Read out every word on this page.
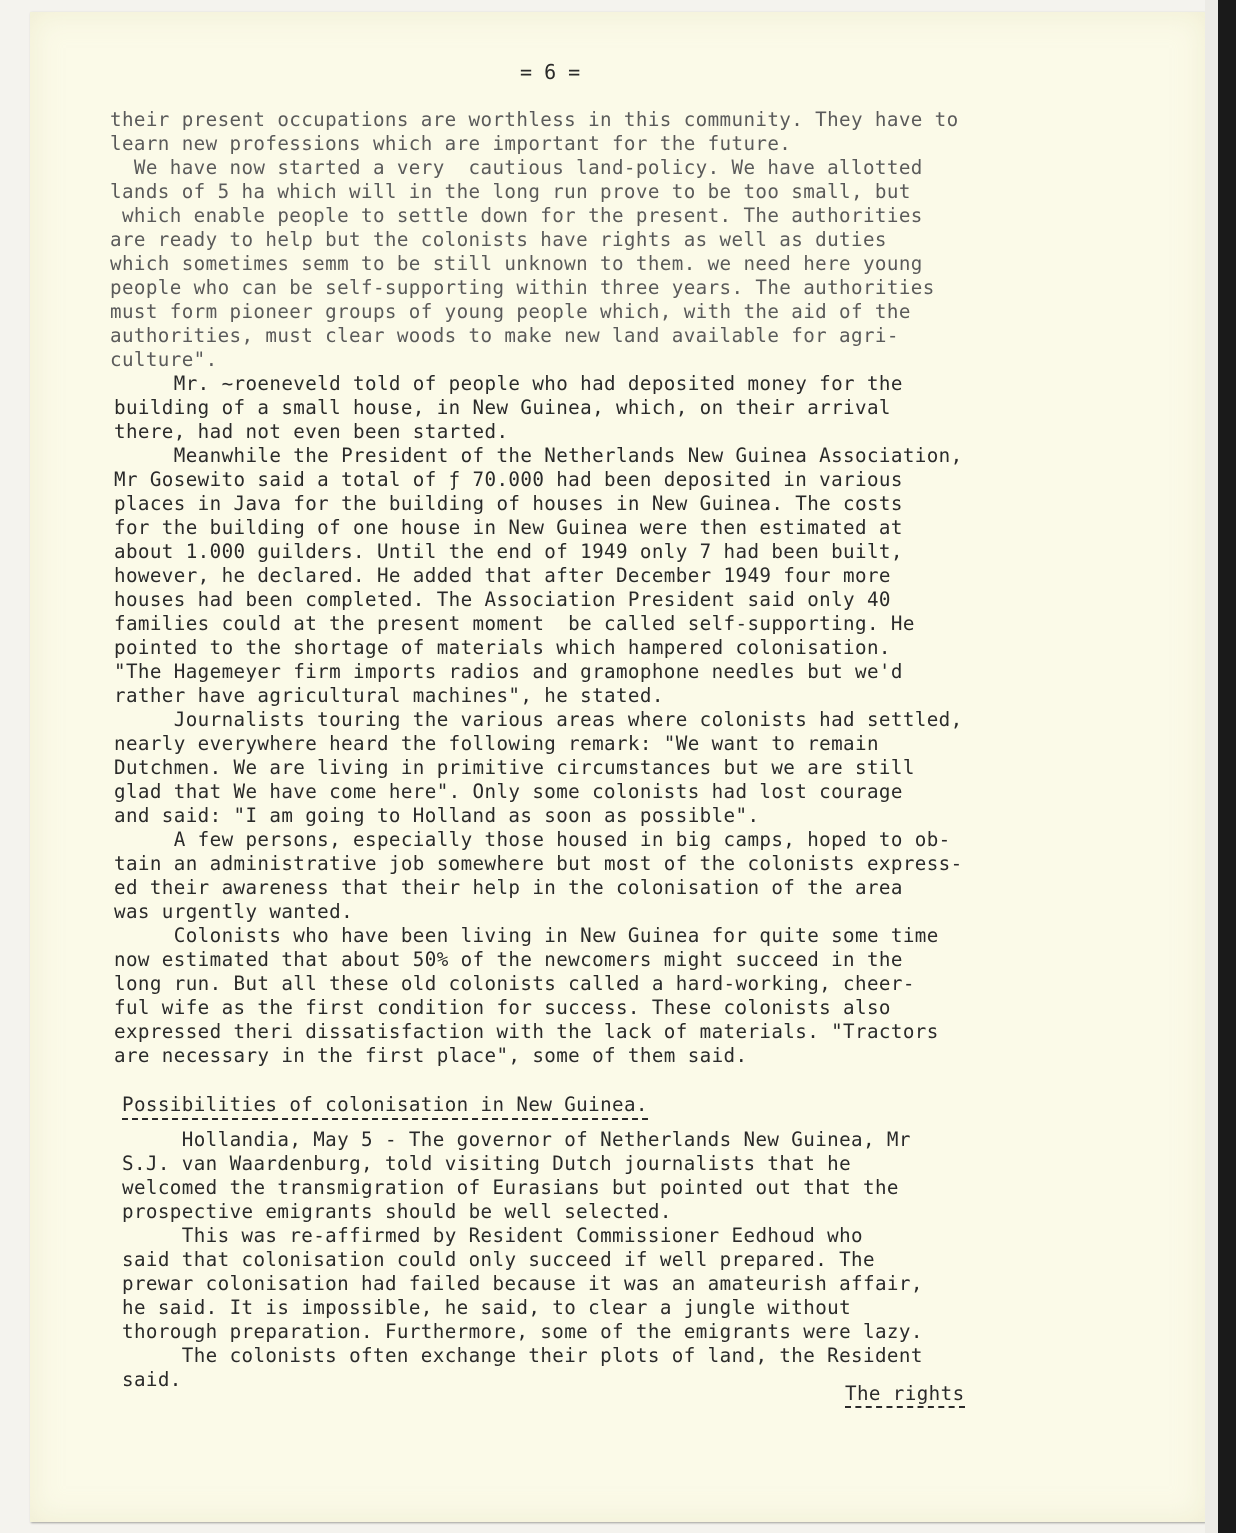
= 6 =
their present occupations are worthless in this community. They have to
learn new professions which are important for the future.
We have now started a very  cautious land-policy. We have allotted
lands of 5 ha which will in the long run prove to be too small, but
which enable people to settle down for the present. The authorities
are ready to help but the colonists have rights as well as duties
which sometimes semm to be still unknown to them. we need here young
people who can be self-supporting within three years. The authorities
must form pioneer groups of young people which, with the aid of the
authorities, must clear woods to make new land available for agri-
culture".
Mr. ~roeneveld told of people who had deposited money for the
building of a small house, in New Guinea, which, on their arrival
there, had not even been started.
Meanwhile the President of the Netherlands New Guinea Association,
Mr Gosewito said a total of ƒ 70.000 had been deposited in various
places in Java for the building of houses in New Guinea. The costs
for the building of one house in New Guinea were then estimated at
about 1.000 guilders. Until the end of 1949 only 7 had been built,
however, he declared. He added that after December 1949 four more
houses had been completed. The Association President said only 40
families could at the present moment  be called self-supporting. He
pointed to the shortage of materials which hampered colonisation.
"The Hagemeyer firm imports radios and gramophone needles but we'd
rather have agricultural machines", he stated.
Journalists touring the various areas where colonists had settled,
nearly everywhere heard the following remark: "We want to remain
Dutchmen. We are living in primitive circumstances but we are still
glad that We have come here". Only some colonists had lost courage
and said: "I am going to Holland as soon as possible".
A few persons, especially those housed in big camps, hoped to ob-
tain an administrative job somewhere but most of the colonists express-
ed their awareness that their help in the colonisation of the area
was urgently wanted.
Colonists who have been living in New Guinea for quite some time
now estimated that about 50% of the newcomers might succeed in the
long run. But all these old colonists called a hard-working, cheer-
ful wife as the first condition for success. These colonists also
expressed theri dissatisfaction with the lack of materials. "Tractors
are necessary in the first place", some of them said.
Possibilities of colonisation in New Guinea.
Hollandia, May 5 - The governor of Netherlands New Guinea, Mr
S.J. van Waardenburg, told visiting Dutch journalists that he
welcomed the transmigration of Eurasians but pointed out that the
prospective emigrants should be well selected.
This was re-affirmed by Resident Commissioner Eedhoud who
said that colonisation could only succeed if well prepared. The
prewar colonisation had failed because it was an amateurish affair,
he said. It is impossible, he said, to clear a jungle without
thorough preparation. Furthermore, some of the emigrants were lazy.
The colonists often exchange their plots of land, the Resident
said.
The rights
